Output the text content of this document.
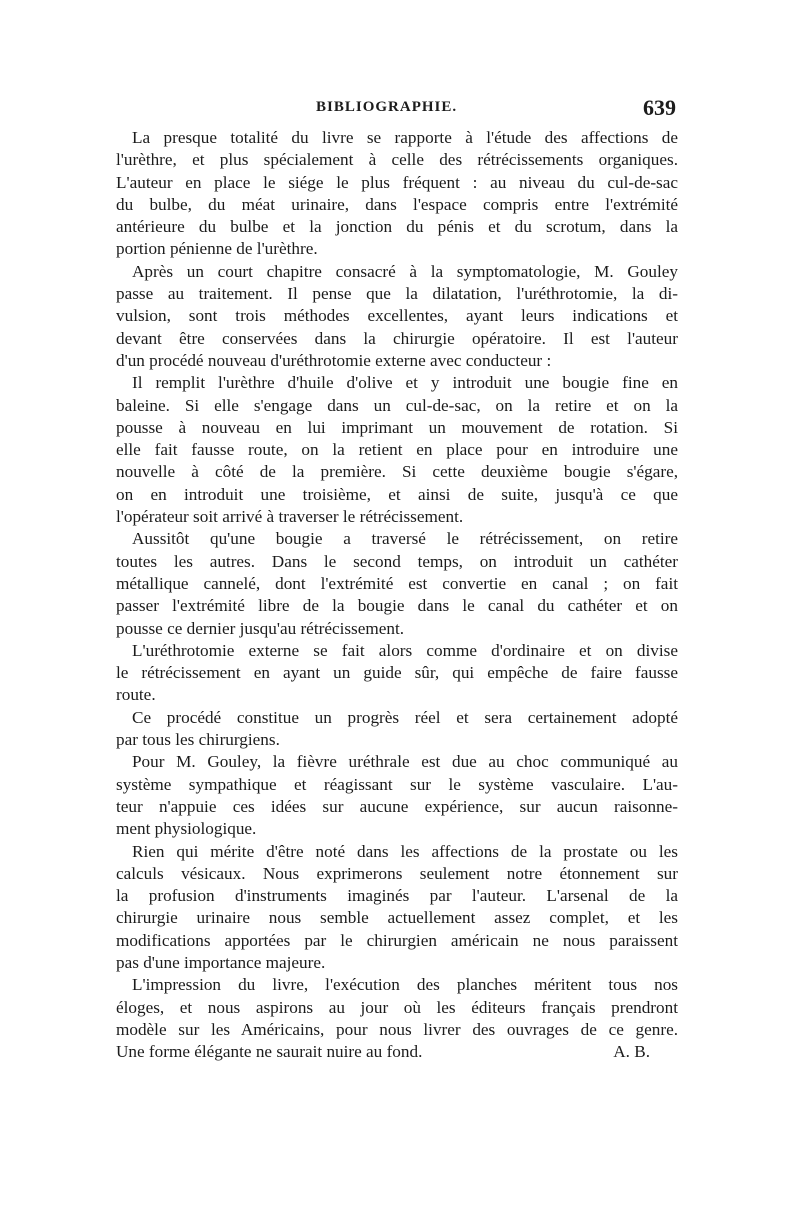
BIBLIOGRAPHIE.	639
La presque totalité du livre se rapporte à l'étude des affections de
l'urèthre, et plus spécialement à celle des rétrécissements organiques.
L'auteur en place le siége le plus fréquent : au niveau du cul-de-sac
du bulbe, du méat urinaire, dans l'espace compris entre l'extrémité
antérieure du bulbe et la jonction du pénis et du scrotum, dans la
portion pénienne de l'urèthre.
Après un court chapitre consacré à la symptomatologie, M. Gouley
passe au traitement. Il pense que la dilatation, l'uréthrotomie, la di-
vulsion, sont trois méthodes excellentes, ayant leurs indications et
devant être conservées dans la chirurgie opératoire. Il est l'auteur
d'un procédé nouveau d'uréthrotomie externe avec conducteur :
Il remplit l'urèthre d'huile d'olive et y introduit une bougie fine en
baleine. Si elle s'engage dans un cul-de-sac, on la retire et on la
pousse à nouveau en lui imprimant un mouvement de rotation. Si
elle fait fausse route, on la retient en place pour en introduire une
nouvelle à côté de la première. Si cette deuxième bougie s'égare,
on en introduit une troisième, et ainsi de suite, jusqu'à ce que
l'opérateur soit arrivé à traverser le rétrécissement.
Aussitôt qu'une bougie a traversé le rétrécissement, on retire
toutes les autres. Dans le second temps, on introduit un cathéter
métallique cannelé, dont l'extrémité est convertie en canal ; on fait
passer l'extrémité libre de la bougie dans le canal du cathéter et on
pousse ce dernier jusqu'au rétrécissement.
L'uréthrotomie externe se fait alors comme d'ordinaire et on divise
le rétrécissement en ayant un guide sûr, qui empêche de faire fausse
route.
Ce procédé constitue un progrès réel et sera certainement adopté
par tous les chirurgiens.
Pour M. Gouley, la fièvre uréthrale est due au choc communiqué au
système sympathique et réagissant sur le système vasculaire. L'au-
teur n'appuie ces idées sur aucune expérience, sur aucun raisonne-
ment physiologique.
Rien qui mérite d'être noté dans les affections de la prostate ou les
calculs vésicaux. Nous exprimerons seulement notre étonnement sur
la profusion d'instruments imaginés par l'auteur. L'arsenal de la
chirurgie urinaire nous semble actuellement assez complet, et les
modifications apportées par le chirurgien américain ne nous paraissent
pas d'une importance majeure.
L'impression du livre, l'exécution des planches méritent tous nos
éloges, et nous aspirons au jour où les éditeurs français prendront
modèle sur les Américains, pour nous livrer des ouvrages de ce genre.
Une forme élégante ne saurait nuire au fond.	A. B.
